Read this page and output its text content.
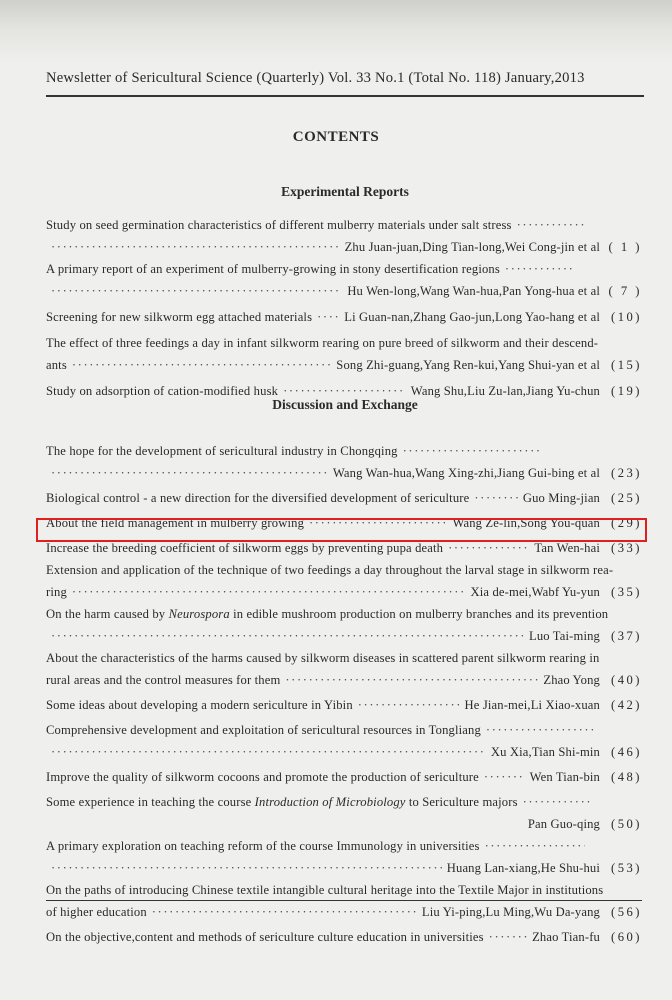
Newsletter of Sericultural Science (Quarterly) Vol. 33 No.1 (Total No. 118) January,2013
CONTENTS
Experimental Reports
Study on seed germination characteristics of different mulberry materials under salt stress
·····
·····
Zhu Juan-juan,Ding Tian-long,Wei Cong-jin et al ( 1 )
A primary report of an experiment of mulberry-growing in stony desertification regions
·····
·····
Hu Wen-long,Wang Wan-hua,Pan Yong-hua et al ( 7 )
Screening for new silkworm egg attached materials ·····	Li Guan-nan,Zhang Gao-jun,Long Yao-hang et al (10)
The effect of three feedings a day in infant silkworm rearing on pure breed of silkworm and their descend-
ants ·····	Song Zhi-guang,Yang Ren-kui,Yang Shui-yan et al (15)
Study on adsorption of cation-modified husk ·····	Wang Shu,Liu Zu-lan,Jiang Yu-chun (19)
The hope for the development of sericultural industry in Chongqing
·····
·····
Wang Wan-hua,Wang Xing-zhi,Jiang Gui-bing et al (23)
Biological control - a new direction for the diversified development of sericulture ·····	Guo Ming-jian (25)
About the field management in mulberry growing ·····	Wang Ze-lin,Song You-quan (29)
Increase the breeding coefficient of silkworm eggs by preventing pupa death ·····	Tan Wen-hai (33)
Extension and application of the technique of two feedings a day throughout the larval stage in silkworm rea-
ring ·····	Xia de-mei,Wabf Yu-yun (35)
On the harm caused by Neurospora in edible mushroom production on mulberry branches and its prevention
·····
Luo Tai-ming (37)
About the characteristics of the harms caused by silkworm diseases in scattered parent silkworm rearing in
rural areas and the control measures for them ·····	Zhao Yong (40)
Some ideas about developing a modern sericulture in Yibin ·····	He Jian-mei,Li Xiao-xuan (42)
Comprehensive development and exploitation of sericultural resources in Tongliang
·····
·····
Xu Xia,Tian Shi-min (46)
Improve the quality of silkworm cocoons and promote the production of sericulture ·····	Wen Tian-bin (48)
Some experience in teaching the course Introduction of Microbiology to Sericulture majors
·····
Pan Guo-qing (50)
A primary exploration on teaching reform of the course Immunology in universities
·····
·····
Huang Lan-xiang,He Shu-hui (53)
On the paths of introducing Chinese textile intangible cultural heritage into the Textile Major in institutions
of higher education ·····	Liu Yi-ping,Lu Ming,Wu Da-yang (56)
On the objective,content and methods of sericulture culture education in universities ·····	Zhao Tian-fu (60)
Discussion and Exchange
